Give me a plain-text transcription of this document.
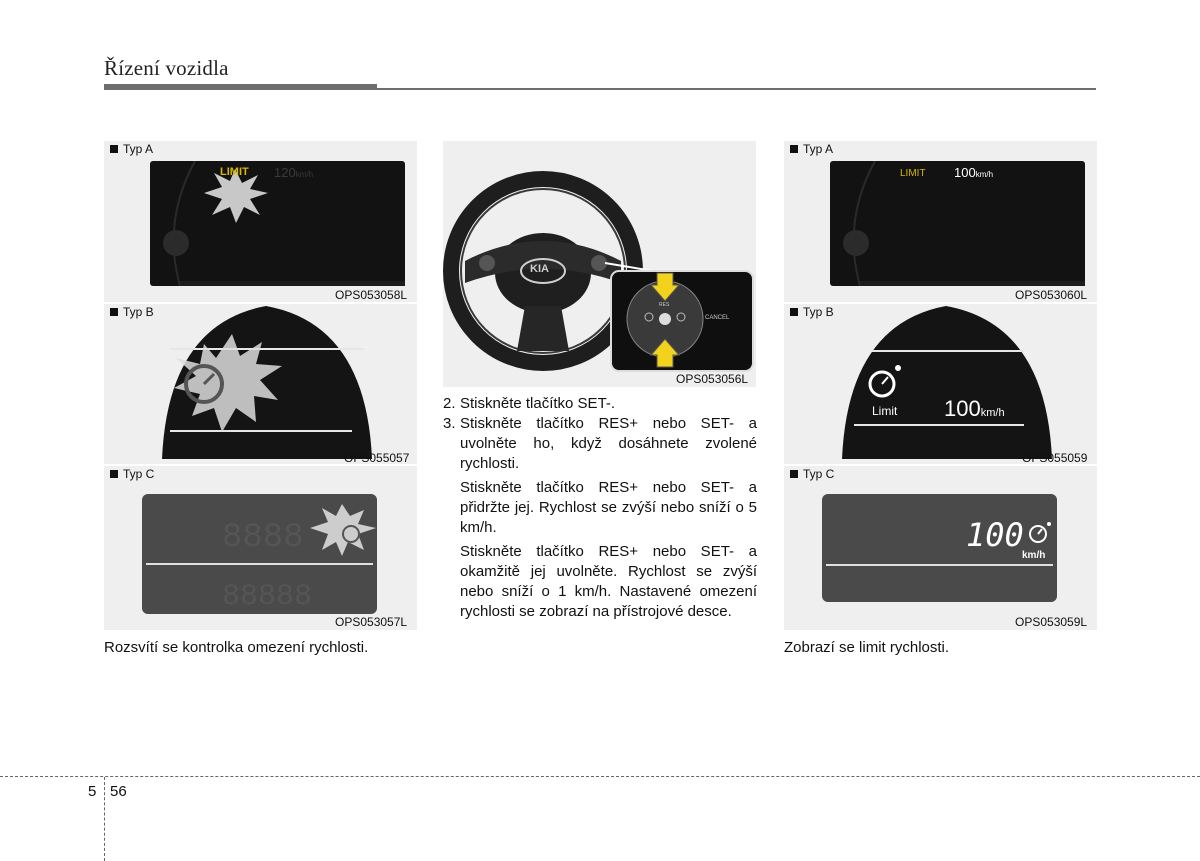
Řízení vozidla
Typ A
LIMIT 120km/h
OPS053058L
Typ B
OPS055057
Typ C
8888
88888
OPS053057L
Rozsvítí se kontrolka omezení rychlosti.
KIA
RES
CANCEL
OPS053056L
2. Stiskněte tlačítko SET-.
3. Stiskněte tlačítko RES+ nebo SET- a uvolněte ho, když dosáhnete zvolené rychlosti.
Stiskněte tlačítko RES+ nebo SET- a přidržte jej. Rychlost se zvýší nebo sníží o 5 km/h.
Stiskněte tlačítko RES+ nebo SET- a okamžitě jej uvolněte. Rychlost se zvýší nebo sníží o 1 km/h. Nastavené omezení rychlosti se zobrazí na přístrojové desce.
Typ A
LIMIT 100km/h
OPS053060L
Typ B
Limit 100km/h
OPS055059
Typ C
100
km/h
OPS053059L
Zobrazí se limit rychlosti.
5 56
